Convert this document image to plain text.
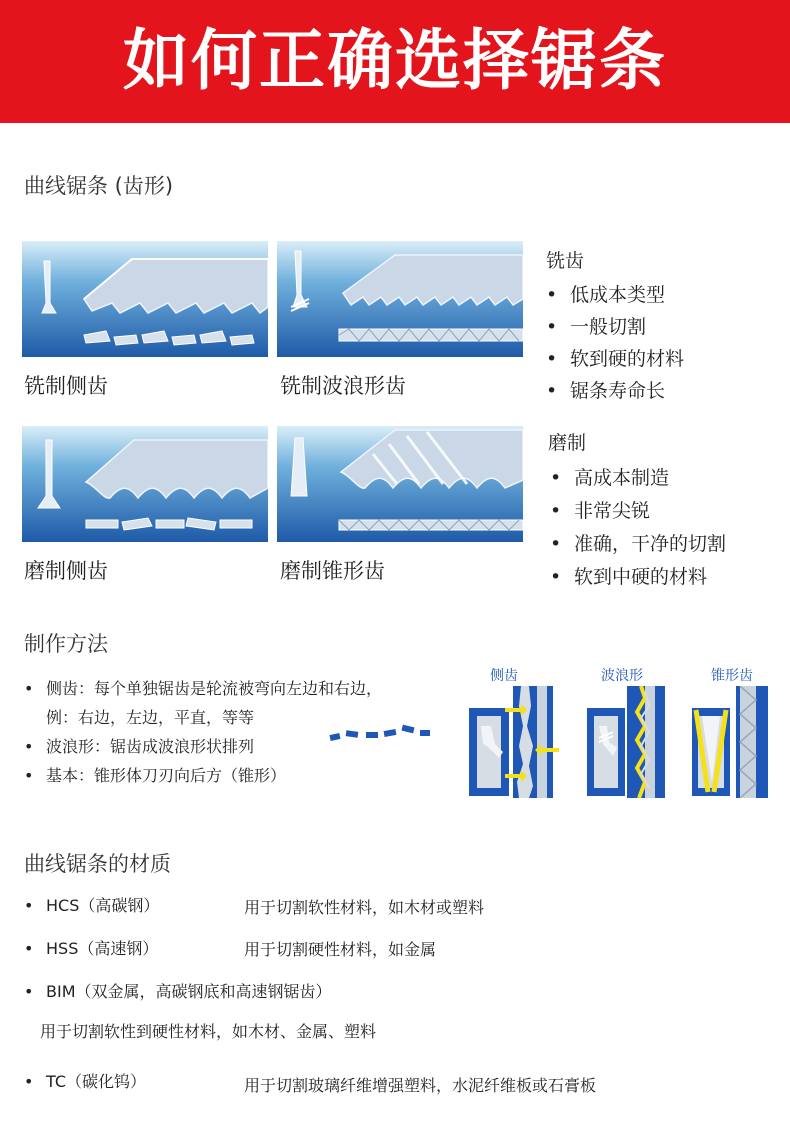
如何正确选择锯条
曲线锯条 (齿形)
铣制侧齿	铣制波浪形齿
磨制侧齿	磨制锥形齿
铣齿
• 低成本类型
• 一般切割
• 软到硬的材料
• 锯条寿命长
磨制
• 高成本制造
• 非常尖锐
• 准确，干净的切割
• 软到中硬的材料
制作方法
• 侧齿：每个单独锯齿是轮流被弯向左边和右边，
例：右边，左边，平直，等等
• 波浪形：锯齿成波浪形状排列
• 基本：锥形体刀刃向后方（锥形）
侧齿	波浪形	锥形齿
曲线锯条的材质
• HCS（高碳钢）	用于切割软性材料，如木材或塑料
• HSS（高速钢）	用于切割硬性材料，如金属
• BIM（双金属，高碳钢底和高速钢锯齿）
用于切割软性到硬性材料，如木材、金属、塑料
• TC（碳化钨）	用于切割玻璃纤维增强塑料，水泥纤维板或石膏板
